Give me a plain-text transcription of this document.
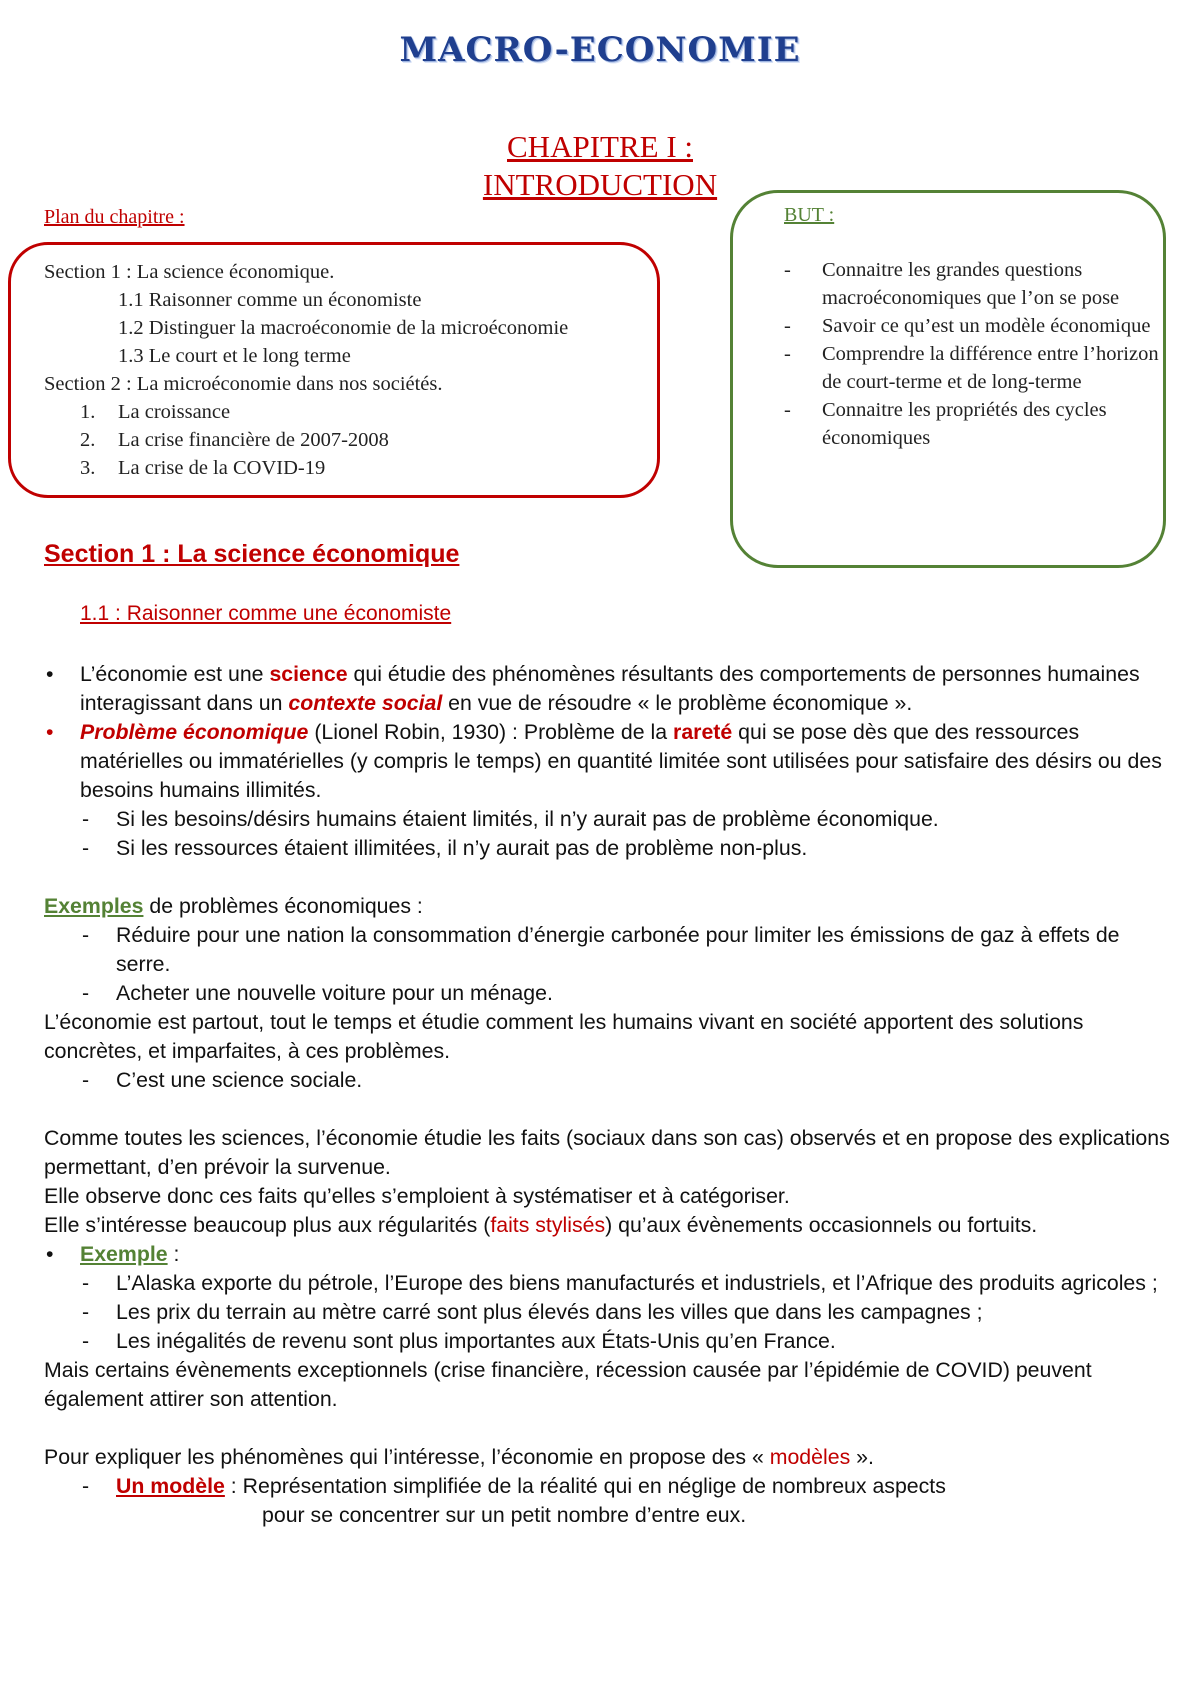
MACRO-ECONOMIE
CHAPITRE I :
INTRODUCTION
Plan du chapitre :
Section 1 : La science économique.
1.1 Raisonner comme un économiste
1.2 Distinguer la macroéconomie de la microéconomie
1.3 Le court et le long terme
Section 2 : La microéconomie dans nos sociétés.
1. La croissance
2. La crise financière de 2007-2008
3. La crise de la COVID-19
BUT :
- Connaitre les grandes questions macroéconomiques que l’on se pose
- Savoir ce qu’est un modèle économique
- Comprendre la différence entre l’horizon de court-terme et de long-terme
- Connaitre les propriétés des cycles économiques
Section 1 : La science économique
1.1 : Raisonner comme une économiste

• L’économie est une science qui étudie des phénomènes résultants des comportements de personnes humaines interagissant dans un contexte social en vue de résoudre « le problème économique ».

• Problème économique (Lionel Robin, 1930) : Problème de la rareté qui se pose dès que des ressources matérielles ou immatérielles (y compris le temps) en quantité limitée sont utilisées pour satisfaire des désirs ou des besoins humains illimités.

- Si les besoins/désirs humains étaient limités, il n’y aurait pas de problème économique.

- Si les ressources étaient illimitées, il n’y aurait pas de problème non-plus.

Exemples de problèmes économiques :

- Réduire pour une nation la consommation d’énergie carbonée pour limiter les émissions de gaz à effets de serre.

- Acheter une nouvelle voiture pour un ménage.

L’économie est partout, tout le temps et étudie comment les humains vivant en société apportent des solutions concrètes, et imparfaites, à ces problèmes.

- C’est une science sociale.

Comme toutes les sciences, l’économie étudie les faits (sociaux dans son cas) observés et en propose des explications permettant, d’en prévoir la survenue.

Elle observe donc ces faits qu’elles s’emploient à systématiser et à catégoriser.

Elle s’intéresse beaucoup plus aux régularités (faits stylisés) qu’aux évènements occasionnels ou fortuits.

• Exemple :

- L’Alaska exporte du pétrole, l’Europe des biens manufacturés et industriels, et l’Afrique des produits agricoles ;

- Les prix du terrain au mètre carré sont plus élevés dans les villes que dans les campagnes ;

- Les inégalités de revenu sont plus importantes aux États-Unis qu’en France.

Mais certains évènements exceptionnels (crise financière, récession causée par l’épidémie de COVID) peuvent également attirer son attention.

Pour expliquer les phénomènes qui l’intéresse, l’économie en propose des « modèles ».

- Un modèle : Représentation simplifiée de la réalité qui en néglige de nombreux aspects

pour se concentrer sur un petit nombre d’entre eux.
